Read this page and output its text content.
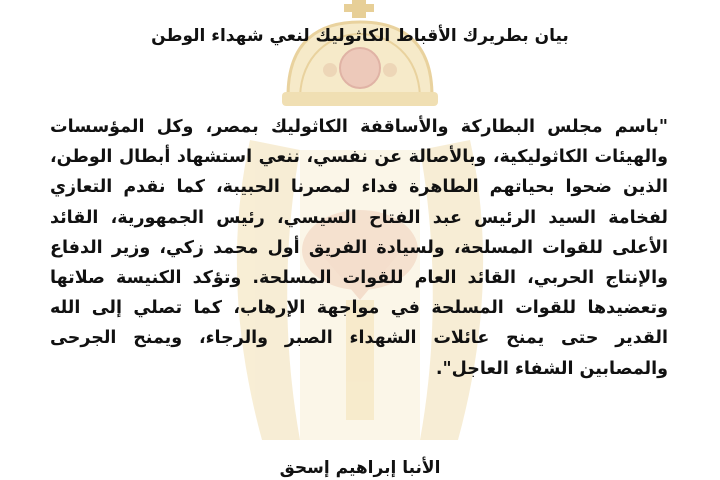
بيان بطريرك الأقباط الكاثوليك لنعي شهداء الوطن
"باسم مجلس البطاركة والأساقفة الكاثوليك بمصر، وكل المؤسسات والهيئات الكاثوليكية، وبالأصالة عن نفسي، ننعي استشهاد أبطال الوطن، الذين ضحوا بحياتهم الطاهرة فداء لمصرنا الحبيبة، كما نقدم التعازي لفخامة السيد الرئيس عبد الفتاح السيسي، رئيس الجمهورية، القائد الأعلى للقوات المسلحة، ولسيادة الفريق أول محمد زكي، وزير الدفاع والإنتاج الحربي، القائد العام للقوات المسلحة. وتؤكد الكنيسة صلاتها وتعضيدها للقوات المسلحة في مواجهة الإرهاب، كما تصلي إلى الله القدير حتى يمنح عائلات الشهداء الصبر والرجاء، ويمنح الجرحى والمصابين الشفاء العاجل".
الأنبا إبراهيم إسحق
